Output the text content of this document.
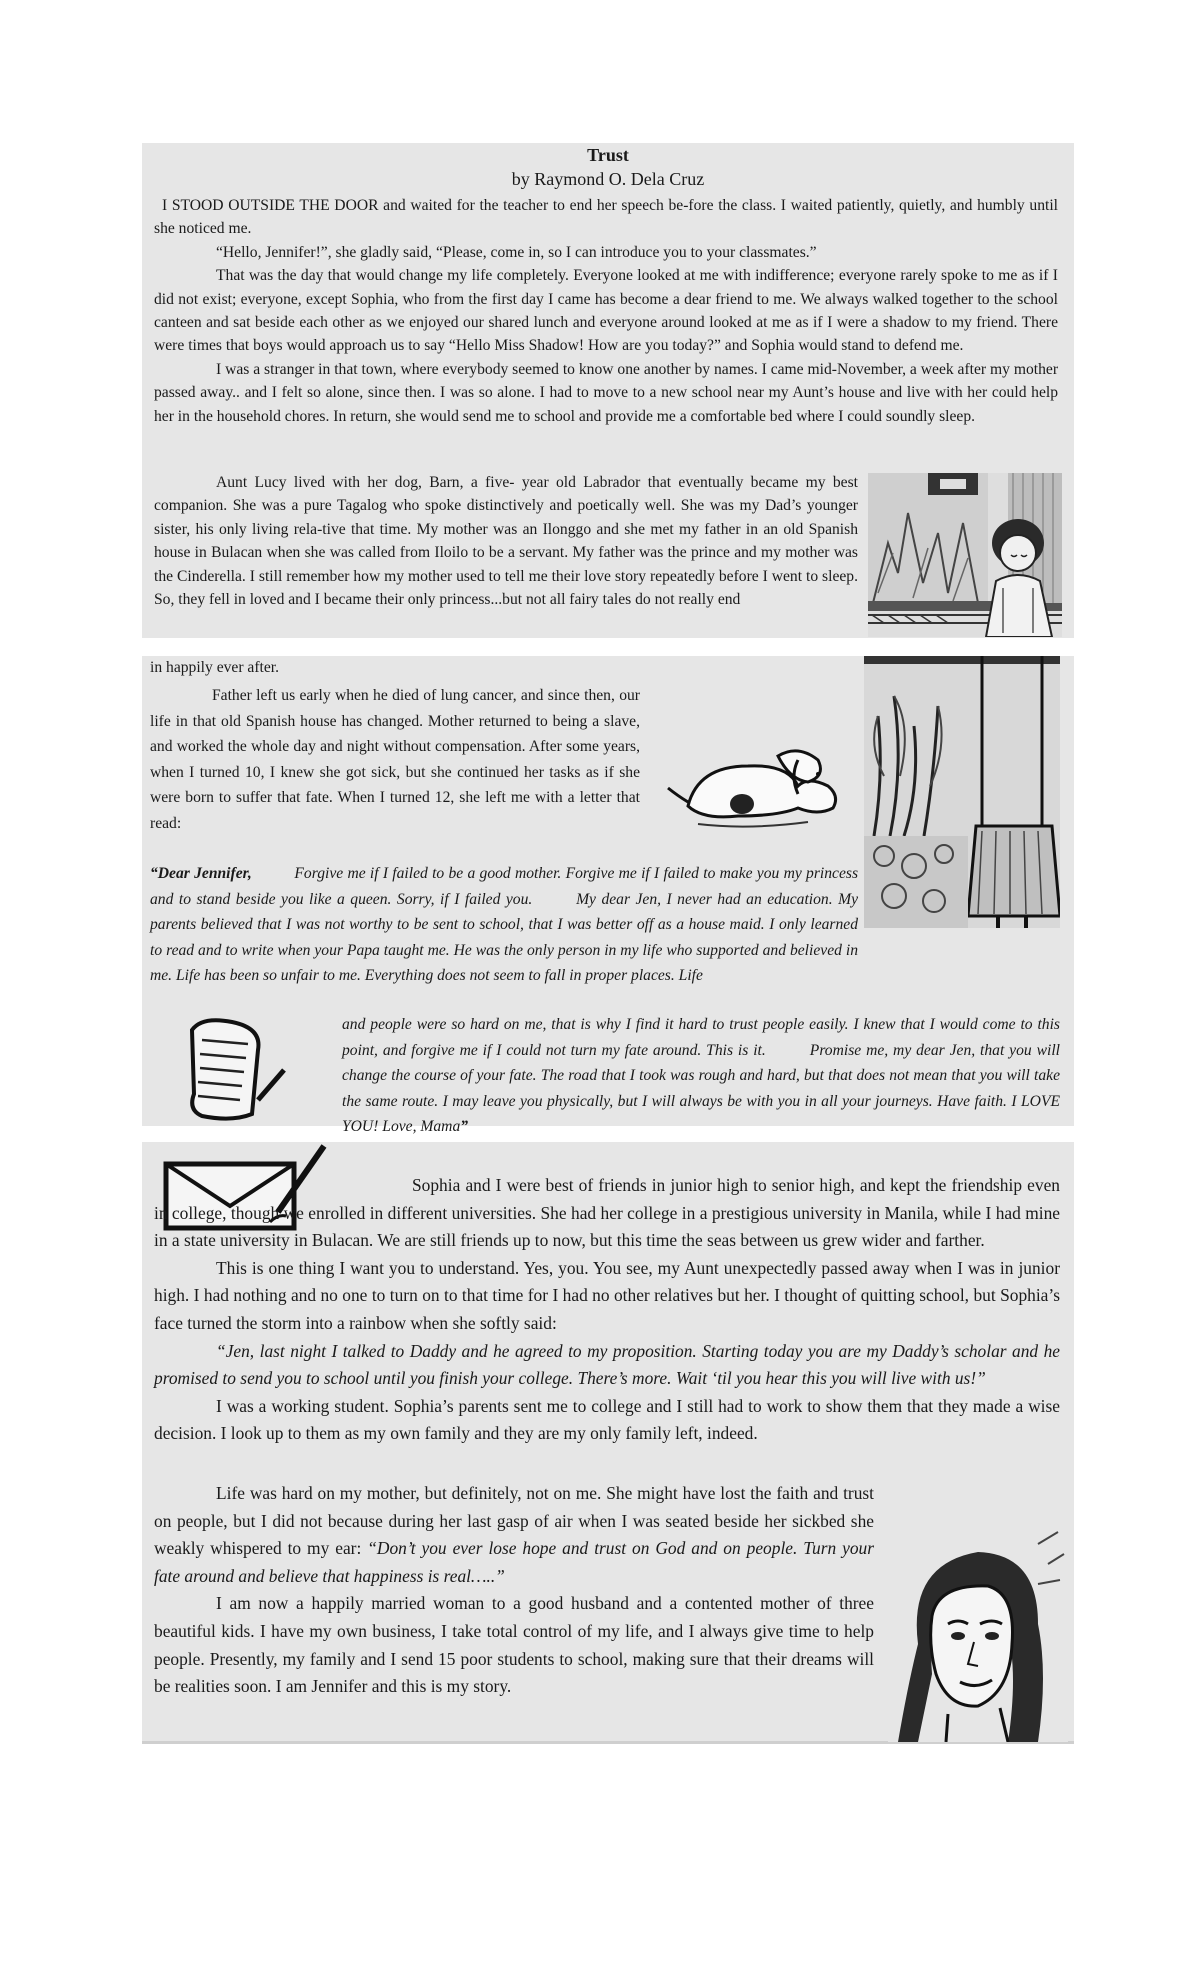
Trust
by Raymond O. Dela Cruz

I STOOD OUTSIDE THE DOOR and waited for the teacher to end her speech be-fore the class. I waited patiently, quietly, and humbly until she noticed me.

“Hello, Jennifer!”, she gladly said, “Please, come in, so I can introduce you to your classmates.”

That was the day that would change my life completely. Everyone looked at me with indifference; everyone rarely spoke to me as if I did not exist; everyone, except Sophia, who from the first day I came has become a dear friend to me. We always walked together to the school canteen and sat beside each other as we enjoyed our shared lunch and everyone around looked at me as if I were a shadow to my friend. There were times that boys would approach us to say “Hello Miss Shadow! How are you today?” and Sophia would stand to defend me.

I was a stranger in that town, where everybody seemed to know one another by names. I came mid-November, a week after my mother passed away.. and I felt so alone, since then. I was so alone. I had to move to a new school near my Aunt’s house and live with her could help her in the household chores. In return, she would send me to school and provide me a comfortable bed where I could soundly sleep.

Aunt Lucy lived with her dog, Barn, a five- year old Labrador that eventually became my best companion. She was a pure Tagalog who spoke distinctively and poetically well. She was my Dad’s younger sister, his only living rela-tive that time. My mother was an Ilonggo and she met my father in an old Spanish house in Bulacan when she was called from Iloilo to be a servant. My father was the prince and my mother was the Cinderella. I still remember how my mother used to tell me their love story repeatedly before I went to sleep. So, they fell in loved and I became their only princess...but not all fairy tales do not really end

in happily ever after.

Father left us early when he died of lung cancer, and since then, our life in that old Spanish house has changed. Mother returned to being a slave, and worked the whole day and night without compensation. After some years, when I turned 10, I knew she got sick, but she continued her tasks as if she were born to suffer that fate. When I turned 12, she left me with a letter that read:

“Dear Jennifer,	Forgive me if I failed to be a good mother. Forgive me if I failed to make you my princess and to stand beside you like a queen. Sorry, if I failed you.	My dear Jen, I never had an education. My parents believed that I was not worthy to be sent to school, that I was better off as a house maid. I only learned to read and to write when your Papa taught me. He was the only person in my life who supported and believed in me. Life has been so unfair to me. Everything does not seem to fall in proper places. Life

and people were so hard on me, that is why I find it hard to trust people easily. I knew that I would come to this point, and forgive me if I could not turn my fate around. This is it.	Promise me, my dear Jen, that you will change the course of your fate. The road that I took was rough and hard, but that does not mean that you will take the same route. I may leave you physically, but I will always be with you in all your journeys. Have faith. I LOVE YOU! Love, Mama”

Sophia and I were best of friends in junior high to senior high, and kept the friendship even in college, though we enrolled in different universities. She had her college in a prestigious university in Manila, while I had mine in a state university in Bulacan. We are still friends up to now, but this time the seas between us grew wider and farther.

This is one thing I want you to understand. Yes, you. You see, my Aunt unexpectedly passed away when I was in junior high. I had nothing and no one to turn on to that time for I had no other relatives but her. I thought of quitting school, but Sophia’s face turned the storm into a rainbow when she softly said:

“Jen, last night I talked to Daddy and he agreed to my proposition. Starting today you are my Daddy’s scholar and he promised to send you to school until you finish your college. There’s more. Wait ‘til you hear this you will live with us!”

I was a working student. Sophia’s parents sent me to college and I still had to work to show them that they made a wise decision. I look up to them as my own family and they are my only family left, indeed.

Life was hard on my mother, but definitely, not on me. She might have lost the faith and trust on people, but I did not because during her last gasp of air when I was seated beside her sickbed she weakly whispered to my ear: “Don’t you ever lose hope and trust on God and on people. Turn your fate around and believe that happiness is real…..”

I am now a happily married woman to a good husband and a contented mother of three beautiful kids. I have my own business, I take total control of my life, and I always give time to help people. Presently, my family and I send 15 poor students to school, making sure that their dreams will be realities soon. I am Jennifer and this is my story.
